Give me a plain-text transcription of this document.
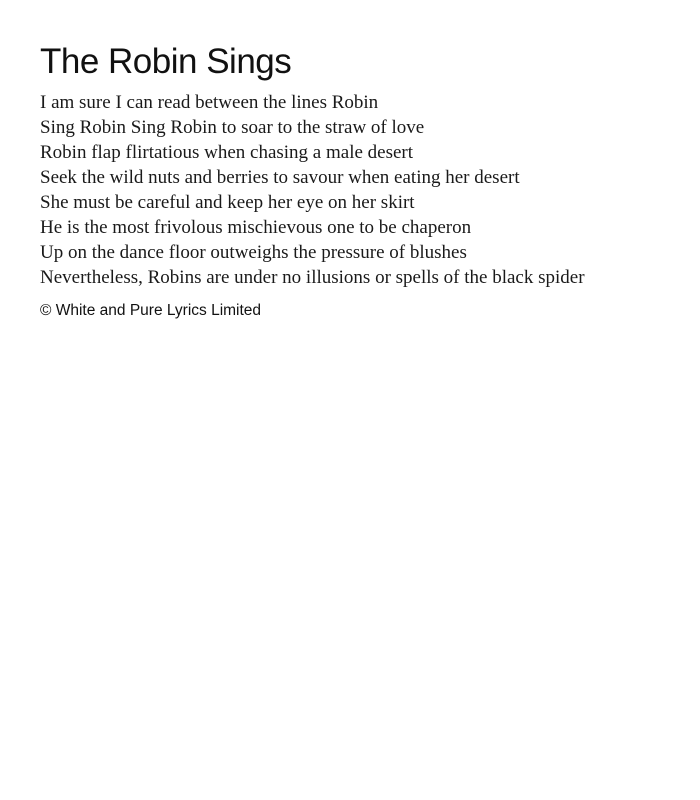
The Robin Sings
I am sure I can read between the lines Robin
Sing Robin Sing Robin to soar to the straw of love
Robin flap flirtatious when chasing a male desert
Seek the wild nuts and berries to savour when eating her desert
She must be careful and keep her eye on her skirt
He is the most frivolous mischievous one to be chaperon
Up on the dance floor outweighs the pressure of blushes
Nevertheless, Robins are under no illusions or spells of the black spider
© White and Pure Lyrics Limited
